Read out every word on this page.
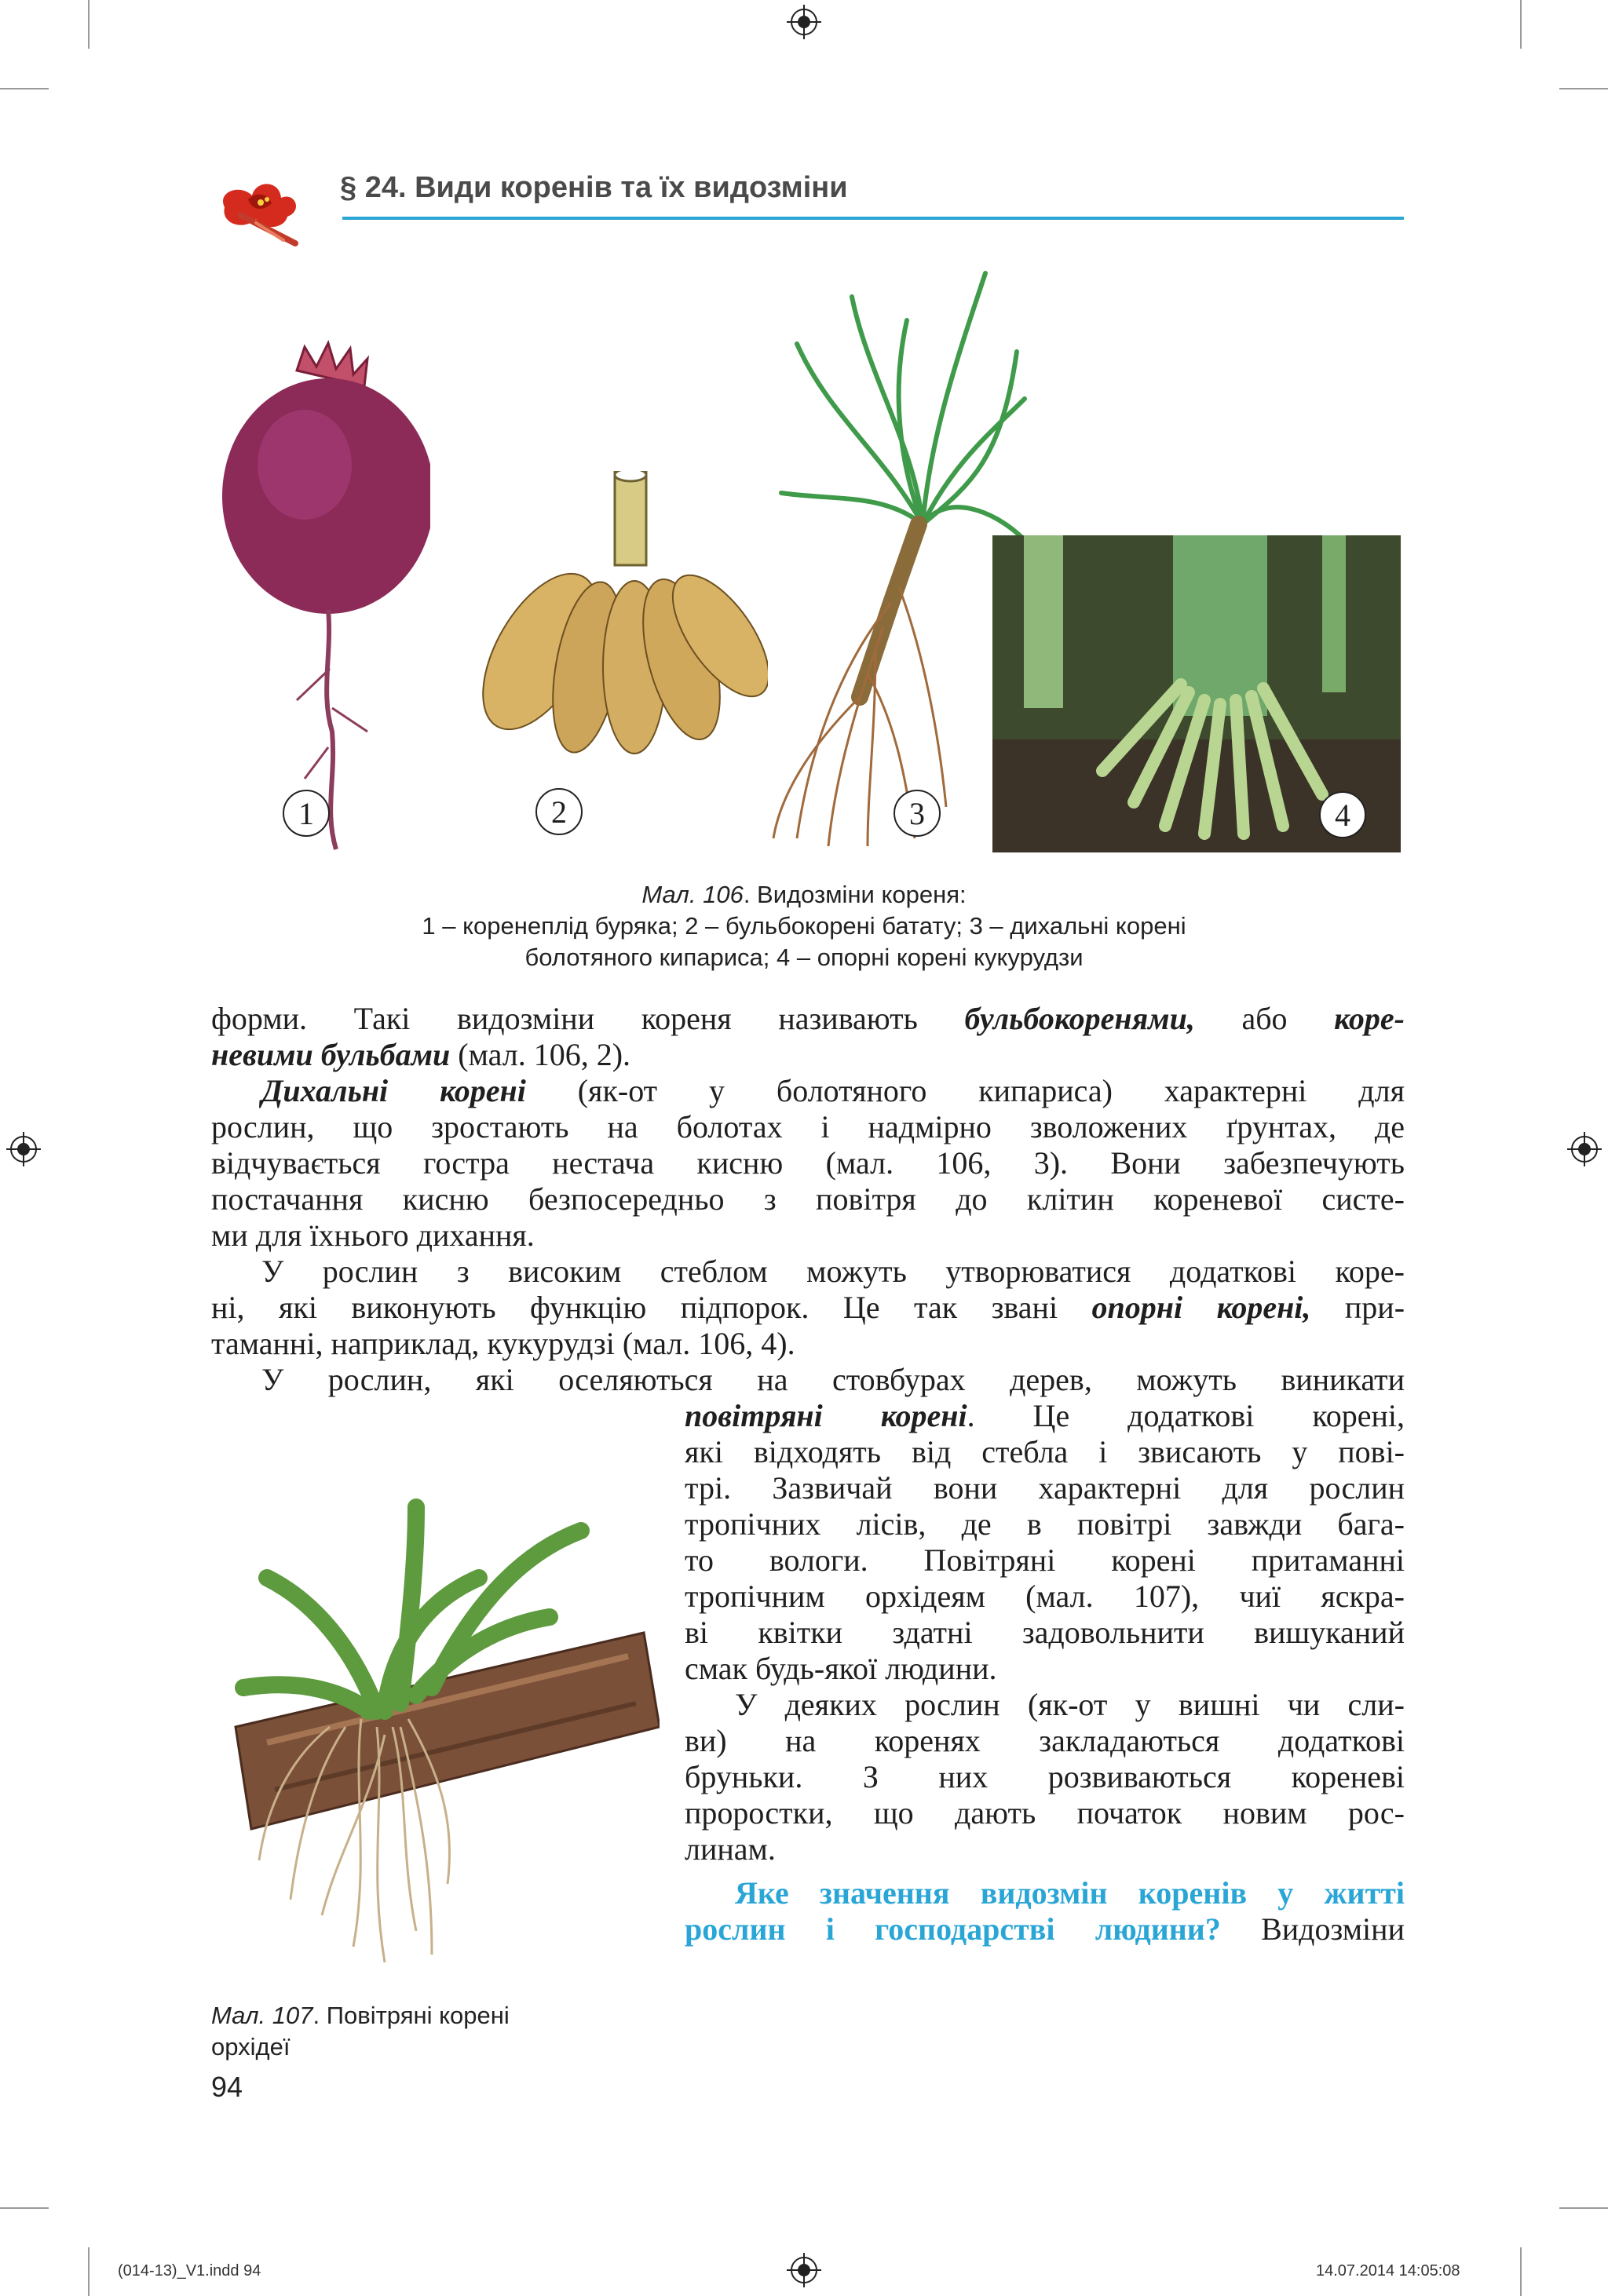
§ 24. Види коренів та їх видозміни
1	2	3	4
Мал. 106. Видозміни кореня:
1 – коренеплід буряка; 2 – бульбокорені батату; 3 – дихальні корені
болотяного кипариса; 4 – опорні корені кукурудзи
форми. Такі видозміни кореня називають бульбокоренями, або коре-
невими бульбами (мал. 106, 2).
Дихальні корені (як-от у болотяного кипариса) характерні для
рослин, що зростають на болотах і надмірно зволожених ґрунтах, де
відчувається гостра нестача кисню (мал. 106, 3). Вони забезпечують
постачання кисню безпосередньо з повітря до клітин кореневої систе-
ми для їхнього дихання.
У рослин з високим стеблом можуть утворюватися додаткові коре-
ні, які виконують функцію підпорок. Це так звані опорні корені, при-
таманні, наприклад, кукурудзі (мал. 106, 4).
У рослин, які оселяються на стовбурах дерев, можуть виникати
повітряні корені. Це додаткові корені,
які відходять від стебла і звисають у пові-
трі. Зазвичай вони характерні для рослин
тропічних лісів, де в повітрі завжди бага-
то вологи. Повітряні корені притаманні
тропічним орхідеям (мал. 107), чиї яскра-
ві квітки здатні задовольнити вишуканий
смак будь-якої людини.
У деяких рослин (як-от у вишні чи сли-
ви) на коренях закладаються додаткові
бруньки. З них розвиваються кореневі
проростки, що дають початок новим рос-
линам.
Яке значення видозмін коренів у житті
рослин і господарстві людини? Видозміни
Мал. 107. Повітряні корені
орхідеї
94
(014-13)_V1.indd 94	14.07.2014 14:05:08
